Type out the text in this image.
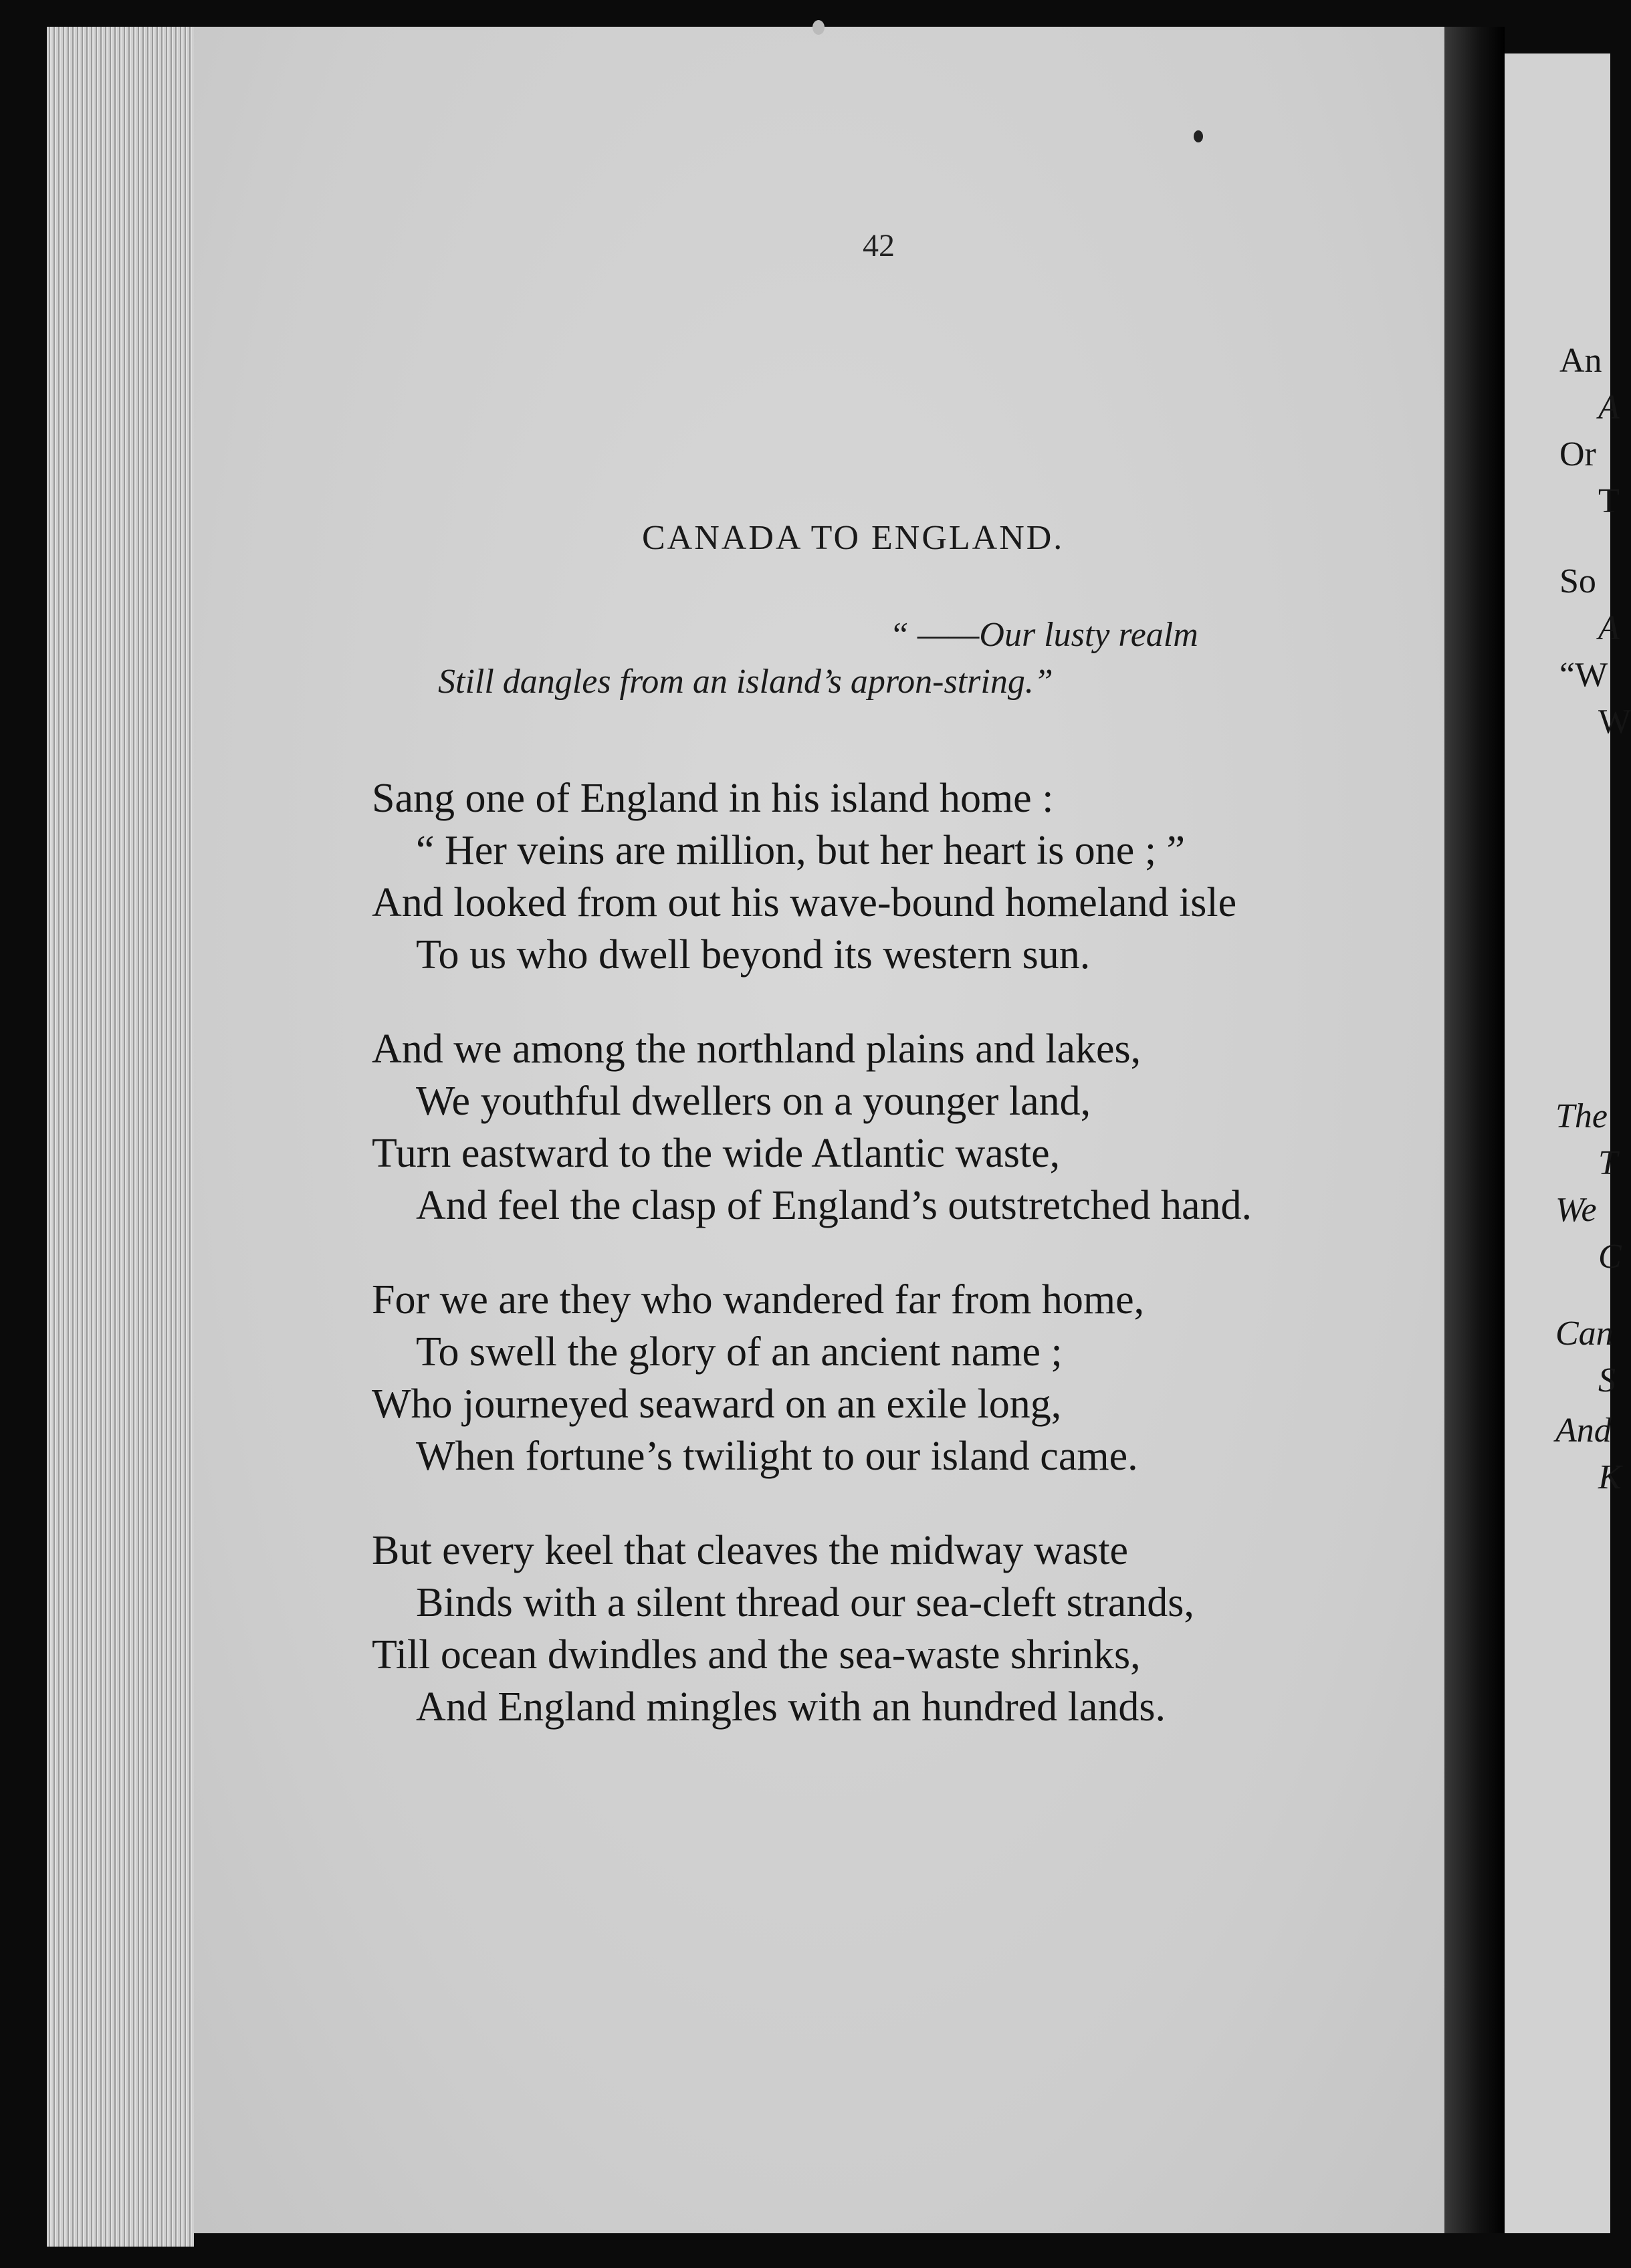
42
CANADA TO ENGLAND.
“ ——Our lusty realm
Still dangles from an island’s apron-string.”
Sang one of England in his island home :
“ Her veins are million, but her heart is one ; ”
And looked from out his wave-bound homeland isle
To us who dwell beyond its western sun.
And we among the northland plains and lakes,
We youthful dwellers on a younger land,
Turn eastward to the wide Atlantic waste,
And feel the clasp of England’s outstretched hand.
For we are they who wandered far from home,
To swell the glory of an ancient name ;
Who journeyed seaward on an exile long,
When fortune’s twilight to our island came.
But every keel that cleaves the midway waste
Binds with a silent thread our sea-cleft strands,
Till ocean dwindles and the sea-waste shrinks,
And England mingles with an hundred lands.
An
A
Or
T
So
A
“W
W
The
T
We
C
Can
S
And
K
